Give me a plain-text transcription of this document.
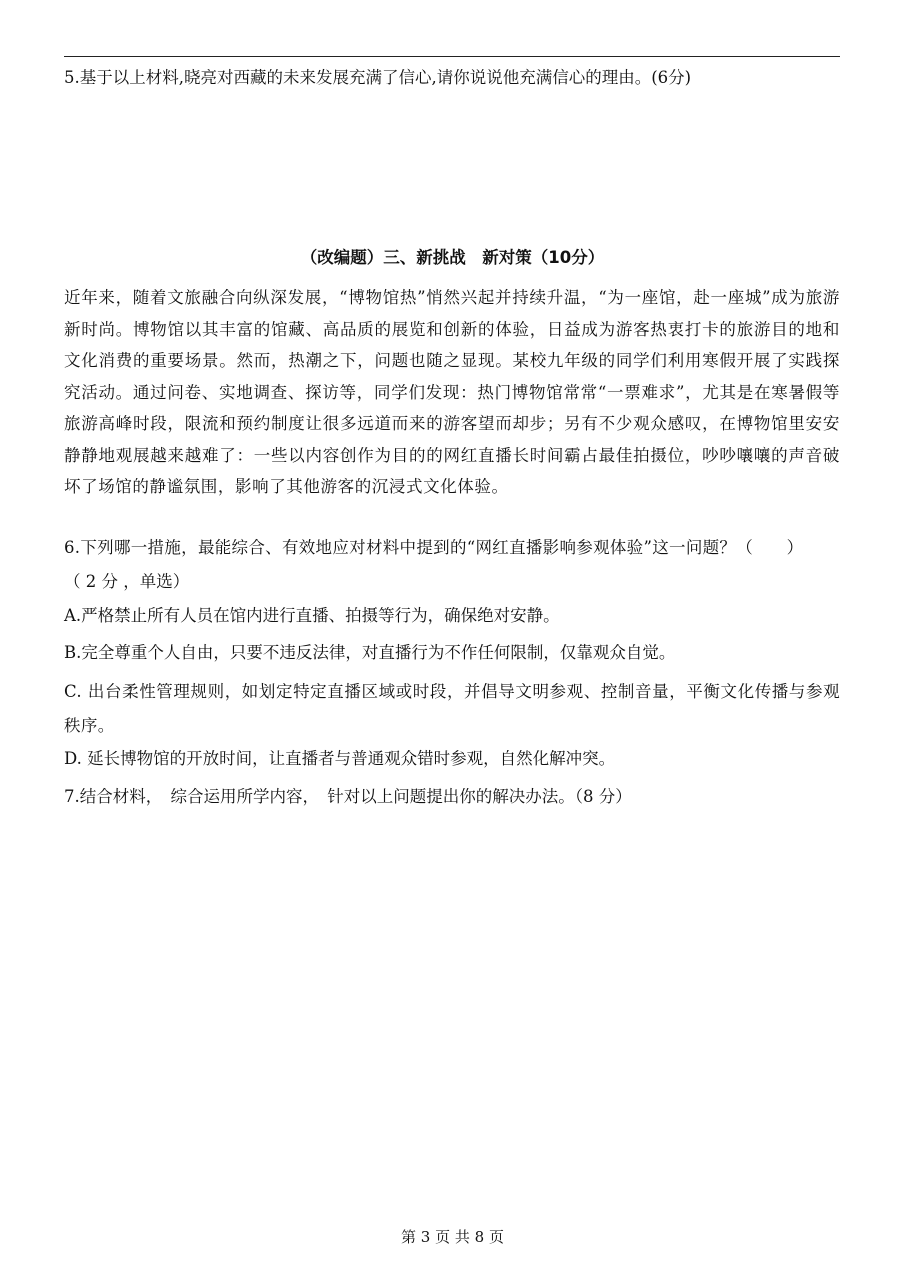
5.基于以上材料,晓亮对西藏的未来发展充满了信心,请你说说他充满信心的理由。(6分)
（改编题）三、新挑战　新对策（10分）
近年来，随着文旅融合向纵深发展，“博物馆热”悄然兴起并持续升温，“为一座馆，赴一座城”成为旅游新时尚。博物馆以其丰富的馆藏、高品质的展览和创新的体验，日益成为游客热衷打卡的旅游目的地和文化消费的重要场景。然而，热潮之下，问题也随之显现。某校九年级的同学们利用寒假开展了实践探究活动。通过问卷、实地调查、探访等，同学们发现：热门博物馆常常“一票难求”，尤其是在寒暑假等旅游高峰时段，限流和预约制度让很多远道而来的游客望而却步；另有不少观众感叹，在博物馆里安安静静地观展越来越难了：一些以内容创作为目的的网红直播长时间霸占最佳拍摄位，吵吵嚷嚷的声音破坏了场馆的静谧氛围，影响了其他游客的沉浸式文化体验。
6.下列哪一措施，最能综合、有效地应对材料中提到的“网红直播影响参观体验”这一问题？（　　）
（ 2 分 ，单选）
A.严格禁止所有人员在馆内进行直播、拍摄等行为，确保绝对安静。
B.完全尊重个人自由，只要不违反法律，对直播行为不作任何限制，仅靠观众自觉。
C. 出台柔性管理规则，如划定特定直播区域或时段，并倡导文明参观、控制音量，平衡文化传播与参观秩序。
D. 延长博物馆的开放时间，让直播者与普通观众错时参观，自然化解冲突。
7.结合材料，　综合运用所学内容，　针对以上问题提出你的解决办法。（8 分）
第 3 页 共 8 页
